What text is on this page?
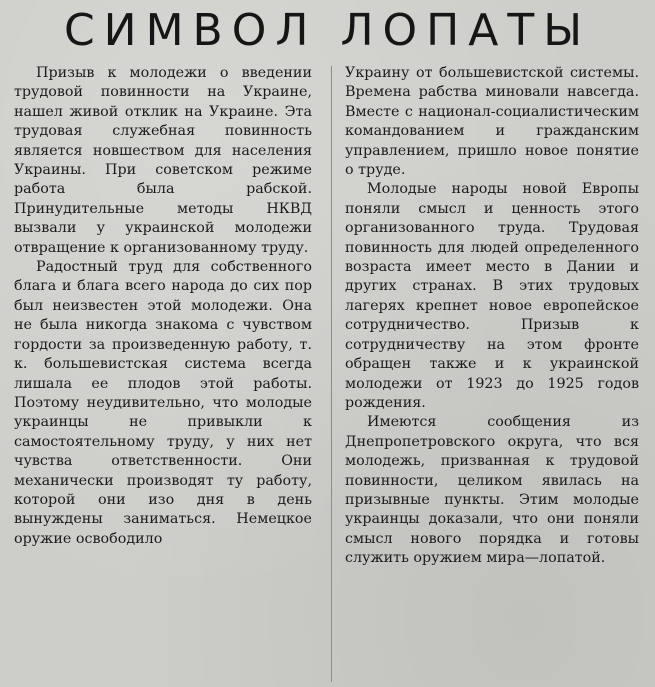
СИМВОЛ ЛОПАТЫ

Призыв к молодежи о введении трудовой повинности на Украине, нашел живой отклик на Украине. Эта трудовая служебная повинность является новшеством для населения Украины. При советском режиме работа была рабской. Принудительные методы НКВД вызвали у украинской молодежи отвращение к организованному труду.

Радостный труд для собственного блага и блага всего народа до сих пор был неизвестен этой молодежи. Она не была никогда знакома с чувством гордости за произведенную работу, т. к. большевистская система всегда лишала ее плодов этой работы. Поэтому неудивительно, что молодые украинцы не привыкли к самостоятельному труду, у них нет чувства ответственности. Они механически производят ту работу, которой они изо дня в день вынуждены заниматься. Немецкое оружие освободило

Украину от большевистской системы. Времена рабства миновали навсегда. Вместе с национал-социалистическим командованием и гражданским управлением, пришло новое понятие о труде.

Молодые народы новой Европы поняли смысл и ценность этого организованного труда. Трудовая повинность для людей определенного возраста имеет место в Дании и других странах. В этих трудовых лагерях крепнет новое европейское сотрудничество. Призыв к сотрудничеству на этом фронте обращен также и к украинской молодежи от 1923 до 1925 годов рождения.

Имеются сообщения из Днепропетровского округа, что вся молодежь, призванная к трудовой повинности, целиком явилась на призывные пункты. Этим молодые украинцы доказали, что они поняли смысл нового порядка и готовы служить оружием мира—лопатой.
